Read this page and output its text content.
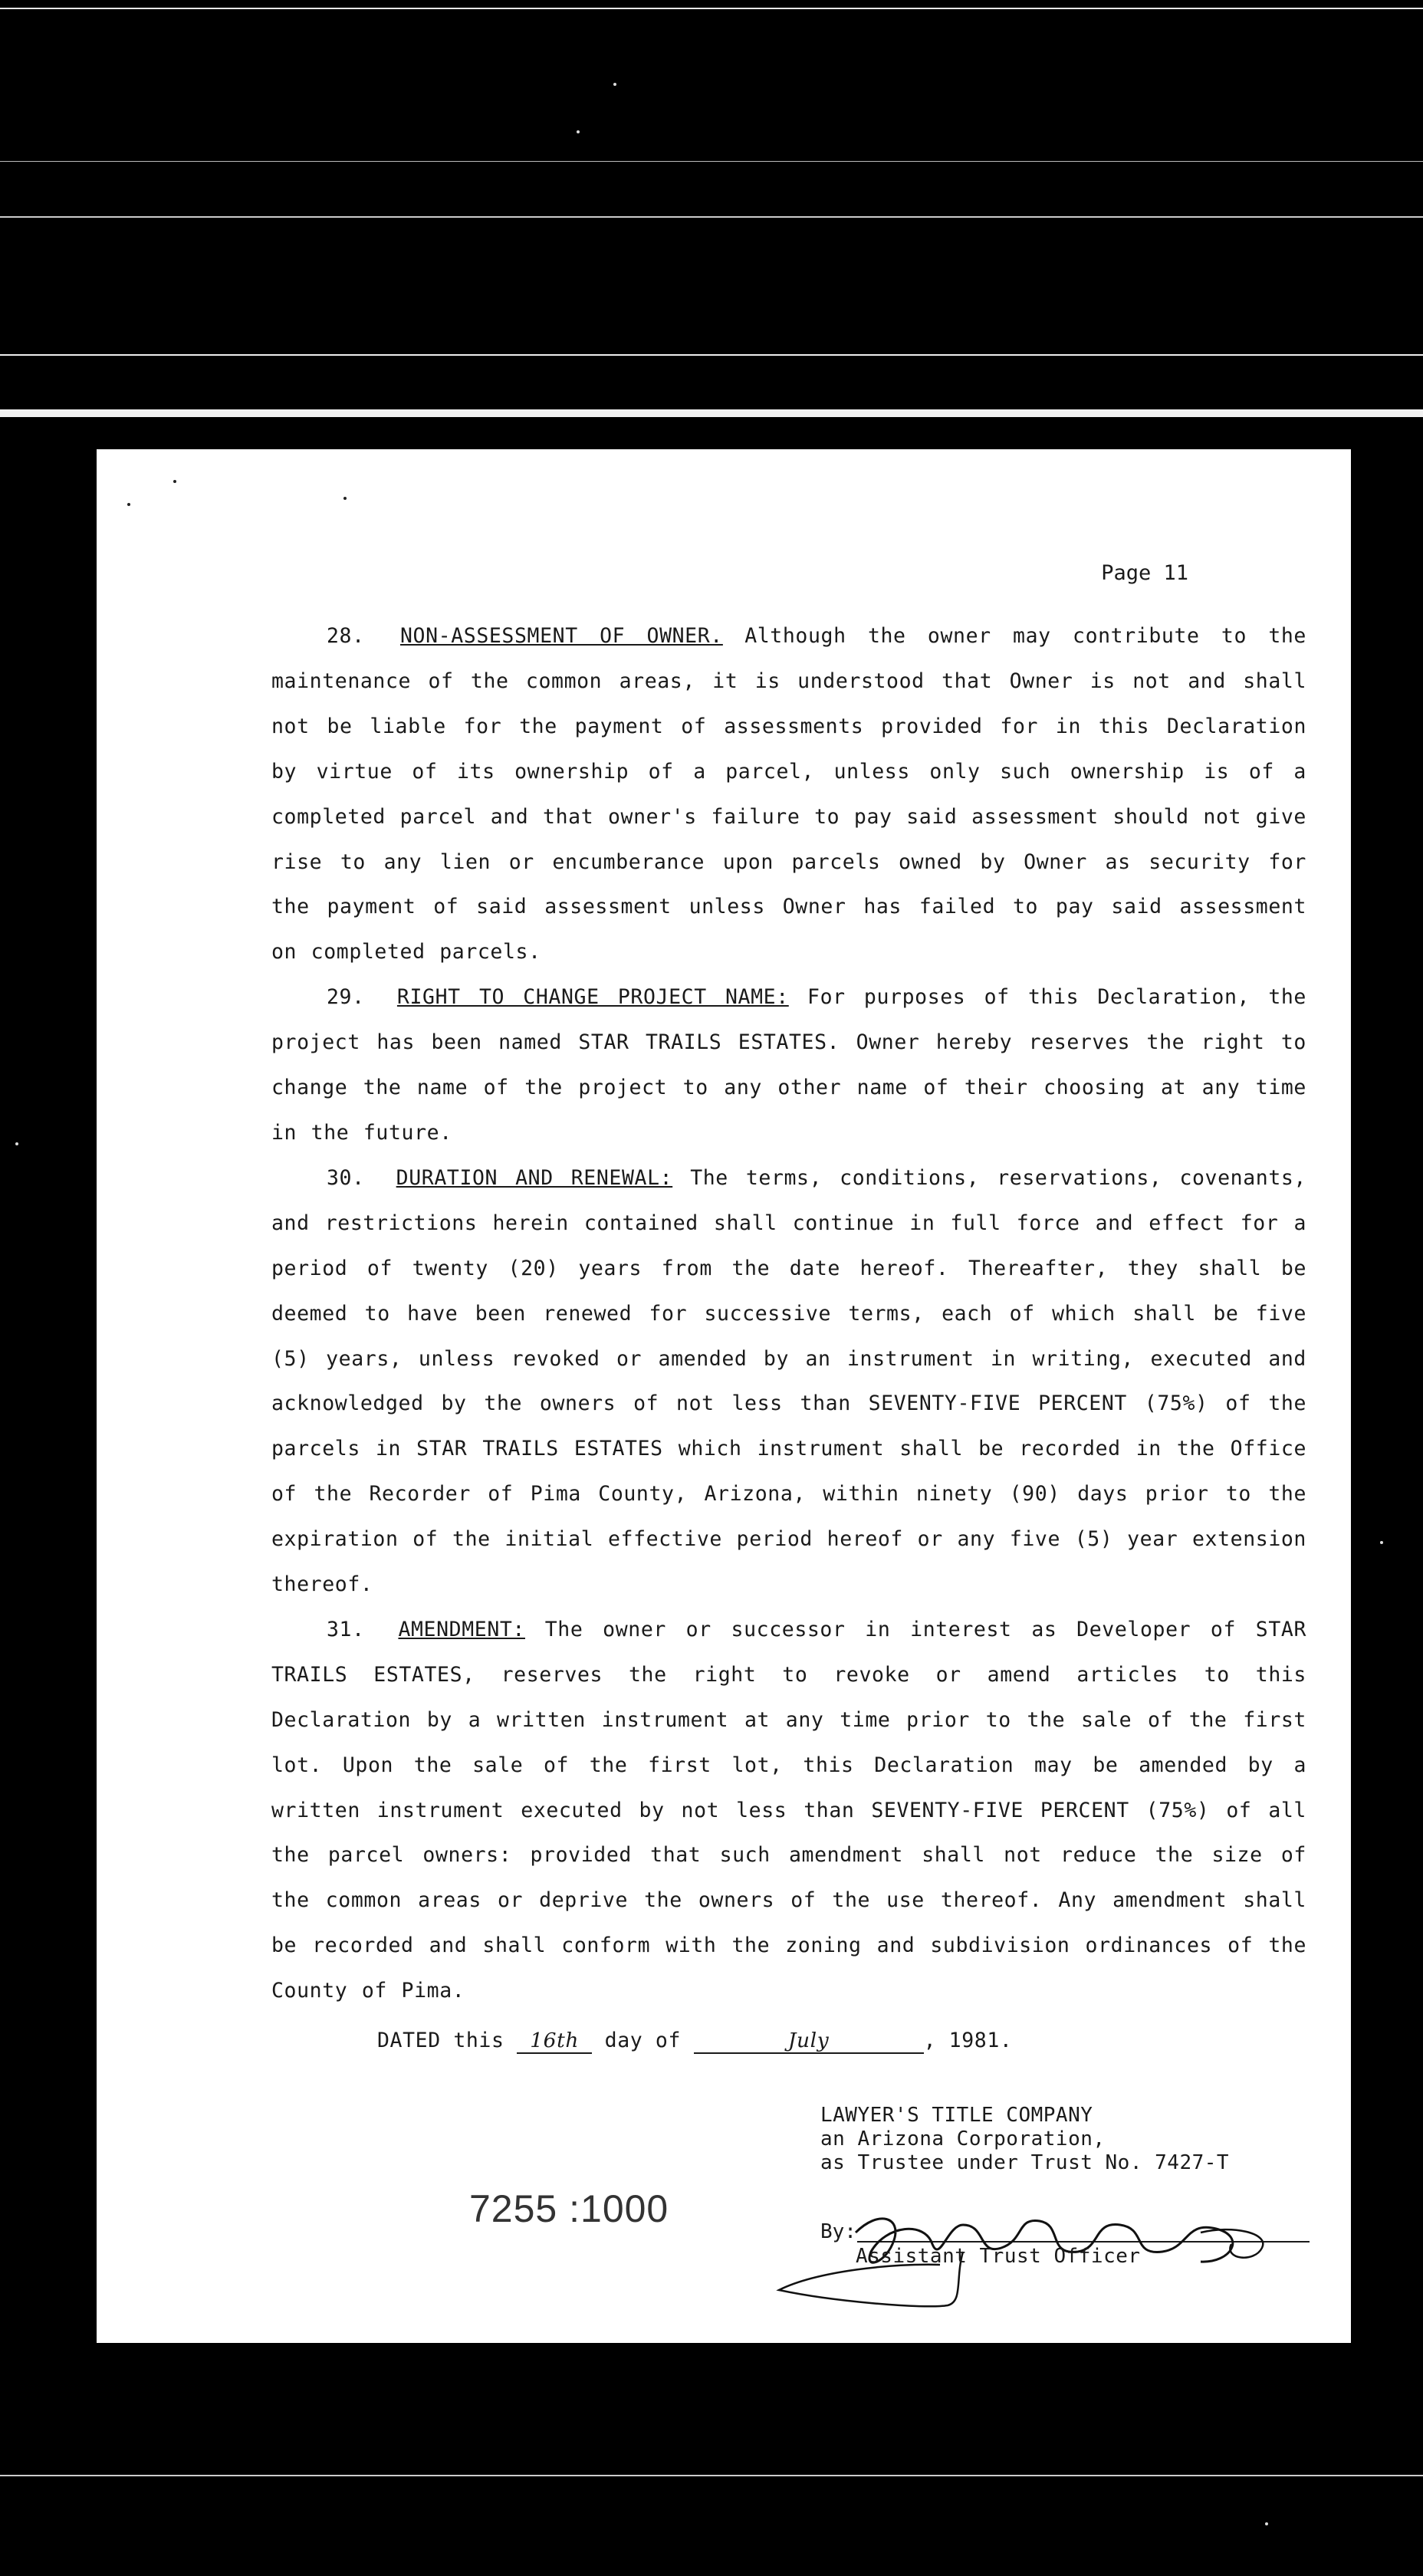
Page 11

28. NON-ASSESSMENT OF OWNER. Although the owner may contribute to the maintenance of the common areas, it is understood that Owner is not and shall not be liable for the payment of assessments provided for in this Declaration by virtue of its ownership of a parcel, unless only such ownership is of a completed parcel and that owner's failure to pay said assessment should not give rise to any lien or encumberance upon parcels owned by Owner as security for the payment of said assessment unless Owner has failed to pay said assessment on completed parcels.

29. RIGHT TO CHANGE PROJECT NAME: For purposes of this Declaration, the project has been named STAR TRAILS ESTATES. Owner hereby reserves the right to change the name of the project to any other name of their choosing at any time in the future.

30. DURATION AND RENEWAL: The terms, conditions, reservations, covenants, and restrictions herein contained shall continue in full force and effect for a period of twenty (20) years from the date hereof. Thereafter, they shall be deemed to have been renewed for successive terms, each of which shall be five (5) years, unless revoked or amended by an instrument in writing, executed and acknowledged by the owners of not less than SEVENTY-FIVE PERCENT (75%) of the parcels in STAR TRAILS ESTATES which instrument shall be recorded in the Office of the Recorder of Pima County, Arizona, within ninety (90) days prior to the expiration of the initial effective period hereof or any five (5) year extension thereof.

31. AMENDMENT: The owner or successor in interest as Developer of STAR TRAILS ESTATES, reserves the right to revoke or amend articles to this Declaration by a written instrument at any time prior to the sale of the first lot. Upon the sale of the first lot, this Declaration may be amended by a written instrument executed by not less than SEVENTY-FIVE PERCENT (75%) of all the parcel owners: provided that such amendment shall not reduce the size of the common areas or deprive the owners of the use thereof. Any amendment shall be recorded and shall conform with the zoning and subdivision ordinances of the County of Pima.

DATED this 16th day of	July	, 1981.
LAWYER'S TITLE COMPANY
an Arizona Corporation,
as Trustee under Trust No. 7427-T
7255 :1000
By:
Assistant Trust Officer
